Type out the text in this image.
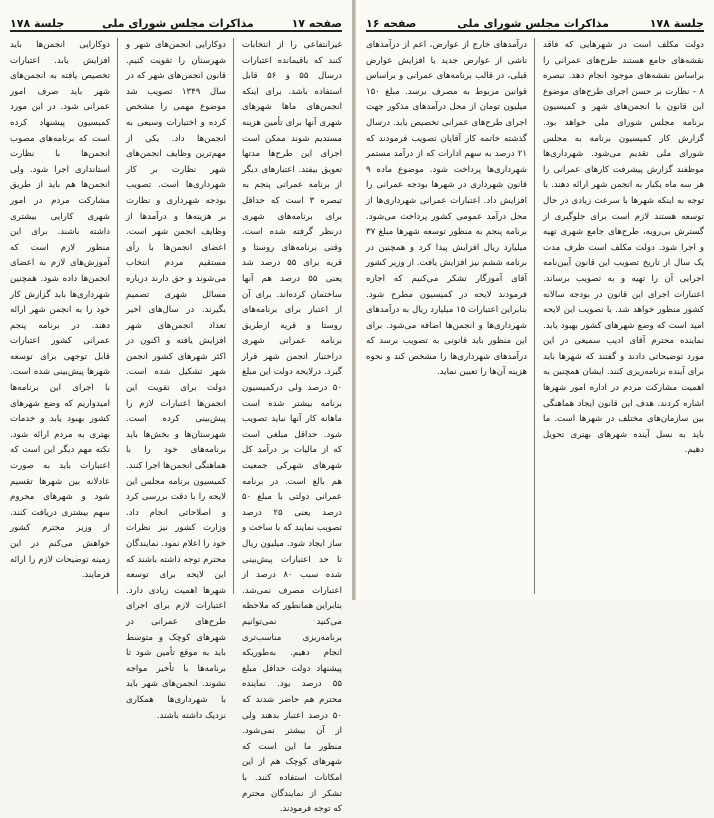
صفحه ۱۷
مذاکرات مجلس شورای ملی
جلسة ۱۷۸

غیرانتفاعی را از انتخابات کنند که باقیمانده اعتبارات درسال ۵۵ و ۵۶ قابل استفاده باشد. برای اینکه انجمن‌های ماها شهرهای شهری آنها برای تأمین هزینه مستدیم شوند ممکن است اجرای این طرح‌ها مدتها تعویق بیفتد. اعتبارهای دیگر از برنامه عمرانی پنجم به تبصره ۳ است که حداقل برای برنامه‌های شهری درنظر گرفته شده است. وقتی برنامه‌های روستا و قریه برای ۵۵ درصد شد یعنی ۵۵ درصد هم آنها ساختمان کرده‌اند. برای آن از اعتبار برای برنامه‌های روستا و قریه ازطریق برنامه عمرانی شهری دراختیار انجمن شهر قرار گیرد. درلایحه دولت این مبلغ ۵۰ درصد ولی درکمیسیون برنامه بیشتر شده است ماهانه کار آنها نباید تصویب شود. حداقل مبلغی است که از مالیات بر درآمد کل شهرهای شهرکی جمعیت هم بالغ است. در برنامه عمرانی دولتی با مبلغ ۵۰ درصد یعنی ۲۵ درصد تصویب نمایند که با ساخت و ساز ایجاد شود. میلیون ریال تا حد اعتبارات پیش‌بینی شده سبب ۸۰ درصد از اعتبارات مصرف نمی‌شد. بنابراین همانطور که ملاحظه می‌کنید نمی‌توانیم برنامه‌ریزی مناسب‌تری انجام دهیم. به‌طوریکه پیشنهاد دولت حداقل مبلغ ۵۵ درصد بود. نماینده محترم هم حاضر شدند که ۵۰ درصد اعتبار بدهند ولی از آن بیشتر نمی‌شود. منظور ما این است که شهرهای کوچک هم از این امکانات استفاده کنند. با تشکر از نمایندگان محترم که توجه فرمودند.

دوکارایی انجمن‌های شهر و شهرستان را تقویت کنیم. قانون انجمن‌های شهر که در سال ۱۳۴۹ تصویب شد موضوع مهمی را مشخص کرده و اختیارات وسیعی به انجمن‌ها داد. یکی از مهم‌ترین وظایف انجمن‌های شهر نظارت بر کار شهرداری‌ها است. تصویب بودجه شهرداری و نظارت بر هزینه‌ها و درآمدها از وظایف انجمن شهر است. اعضای انجمن‌ها با رأی مستقیم مردم انتخاب می‌شوند و حق دارند درباره مسائل شهری تصمیم بگیرند. در سال‌های اخیر تعداد انجمن‌های شهر افزایش یافته و اکنون در اکثر شهرهای کشور انجمن شهر تشکیل شده است. دولت برای تقویت این انجمن‌ها اعتبارات لازم را پیش‌بینی کرده است. شهرستان‌ها و بخش‌ها باید برنامه‌های خود را با هماهنگی انجمن‌ها اجرا کنند. کمیسیون برنامه مجلس این لایحه را با دقت بررسی کرد و اصلاحاتی انجام داد. وزارت کشور نیز نظرات خود را اعلام نمود. نمایندگان محترم توجه داشته باشند که این لایحه برای توسعه شهرها اهمیت زیادی دارد. اعتبارات لازم برای اجرای طرح‌های عمرانی در شهرهای کوچک و متوسط باید به موقع تأمین شود تا برنامه‌ها با تأخیر مواجه نشوند. انجمن‌های شهر باید با شهرداری‌ها همکاری نزدیک داشته باشند.

دوکارایی انجمن‌ها باید افزایش یابد. اعتبارات تخصیص یافته به انجمن‌های شهر باید صرف امور عمرانی شود. در این مورد کمیسیون پیشنهاد کرده است که برنامه‌های مصوب انجمن‌ها با نظارت استانداری اجرا شود. ولی انجمن‌ها هم باید از طریق مشارکت مردم در امور شهری کارایی بیشتری داشته باشند. برای این منظور لازم است که آموزش‌های لازم به اعضای انجمن‌ها داده شود. همچنین شهرداری‌ها باید گزارش کار خود را به انجمن شهر ارائه دهند. در برنامه پنجم عمرانی کشور اعتبارات قابل توجهی برای توسعه شهرها پیش‌بینی شده است. با اجرای این برنامه‌ها امیدواریم که وضع شهرهای کشور بهبود یابد و خدمات بهتری به مردم ارائه شود. نکته مهم دیگر این است که اعتبارات باید به صورت عادلانه بین شهرها تقسیم شود و شهرهای محروم سهم بیشتری دریافت کنند. از وزیر محترم کشور خواهش می‌کنم در این زمینه توضیحات لازم را ارائه فرمایند.

جلسة ۱۷۸
مذاکرات مجلس شورای ملی
صفحه ۱۶

دولت مکلف است در شهرهایی که فاقد نقشه‌های جامع هستند طرح‌های عمرانی را براساس نقشه‌های موجود انجام دهد. تبصره ۸ - نظارت بر حسن اجرای طرح‌های موضوع این قانون با انجمن‌های شهر و کمیسیون برنامه مجلس شورای ملی خواهد بود. گزارش کار کمیسیون برنامه به مجلس شورای ملی تقدیم می‌شود. شهرداری‌ها موظفند گزارش پیشرفت کارهای عمرانی را هر سه ماه یکبار به انجمن شهر ارائه دهند. با توجه به اینکه شهرها با سرعت زیادی در حال توسعه هستند لازم است برای جلوگیری از گسترش بی‌رویه، طرح‌های جامع شهری تهیه و اجرا شود. دولت مکلف است ظرف مدت یک سال از تاریخ تصویب این قانون آیین‌نامه اجرایی آن را تهیه و به تصویب برساند. اعتبارات اجرای این قانون در بودجه سالانه کشور منظور خواهد شد. با تصویب این لایحه امید است که وضع شهرهای کشور بهبود یابد. نماینده محترم آقای ادیب سمیعی در این مورد توضیحاتی دادند و گفتند که شهرها باید برای آینده برنامه‌ریزی کنند. ایشان همچنین به اهمیت مشارکت مردم در اداره امور شهرها اشاره کردند. هدف این قانون ایجاد هماهنگی بین سازمان‌های مختلف در شهرها است. ما باید به نسل آینده شهرهای بهتری تحویل دهیم.

درآمدهای خارج از عوارض، اعم از درآمدهای ناشی از عوارض جدید یا افزایش عوارض قبلی، در قالب برنامه‌های عمرانی و براساس قوانین مربوط به مصرف برسد. مبلغ ۱۵۰ میلیون تومان از محل درآمدهای مذکور جهت اجرای طرح‌های عمرانی تخصیص یابد. درسال گذشته خاتمه کار آقایان تصویب فرمودند که ۲۱ درصد به سهم ادارات که از درآمد مستمر شهرداری‌ها پرداخت شود. موضوع ماده ۹ قانون شهرداری در شهرها بودجه عمرانی را افزایش داد. اعتبارات عمرانی شهرداری‌ها از محل درآمد عمومی کشور پرداخت می‌شود. برنامه پنجم به منظور توسعه شهرها مبلغ ۳۷ میلیارد ریال افزایش پیدا کرد و همچنین در برنامه ششم نیز افزایش یافت. از وزیر کشور آقای آموزگار تشکر می‌کنیم که اجازه فرمودند لایحه در کمیسیون مطرح شود. بنابراین اعتبارات ۱۵ میلیارد ریال به درآمدهای شهرداری‌ها و انجمن‌ها اضافه می‌شود. برای این منظور باید قانونی به تصویب برسد که درآمدهای شهرداری‌ها را مشخص کند و نحوه هزینه آن‌ها را تعیین نماید.
